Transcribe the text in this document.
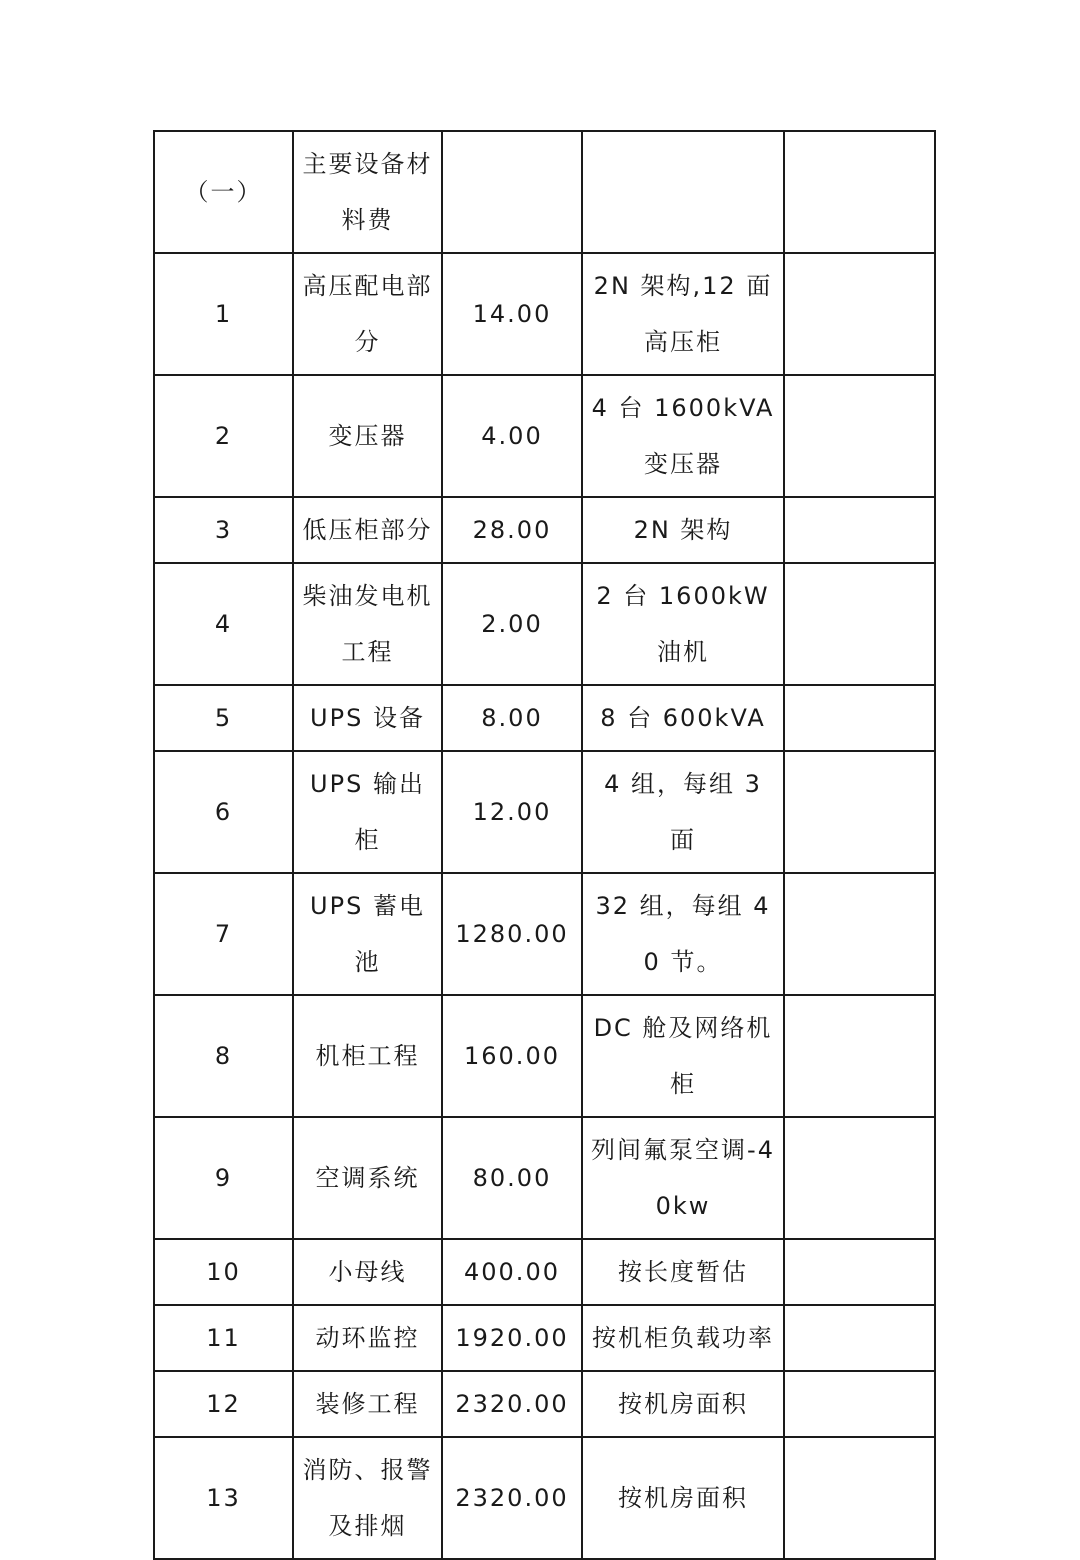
（一）	主要设备材料费			
1	高压配电部分	14.00	2N 架构,12 面高压柜	
2	变压器	4.00	4 台 1600kVA 变压器	
3	低压柜部分	28.00	2N 架构	
4	柴油发电机工程	2.00	2 台 1600kW 油机	
5	UPS 设备	8.00	8 台 600kVA	
6	UPS 输出柜	12.00	4 组，每组 3 面	
7	UPS 蓄电池	1280.00	32 组，每组 40 节。	
8	机柜工程	160.00	DC 舱及网络机柜	
9	空调系统	80.00	列间氟泵空调-40kw	
10	小母线	400.00	按长度暂估	
11	动环监控	1920.00	按机柜负载功率	
12	装修工程	2320.00	按机房面积	
13	消防、报警及排烟	2320.00	按机房面积	
